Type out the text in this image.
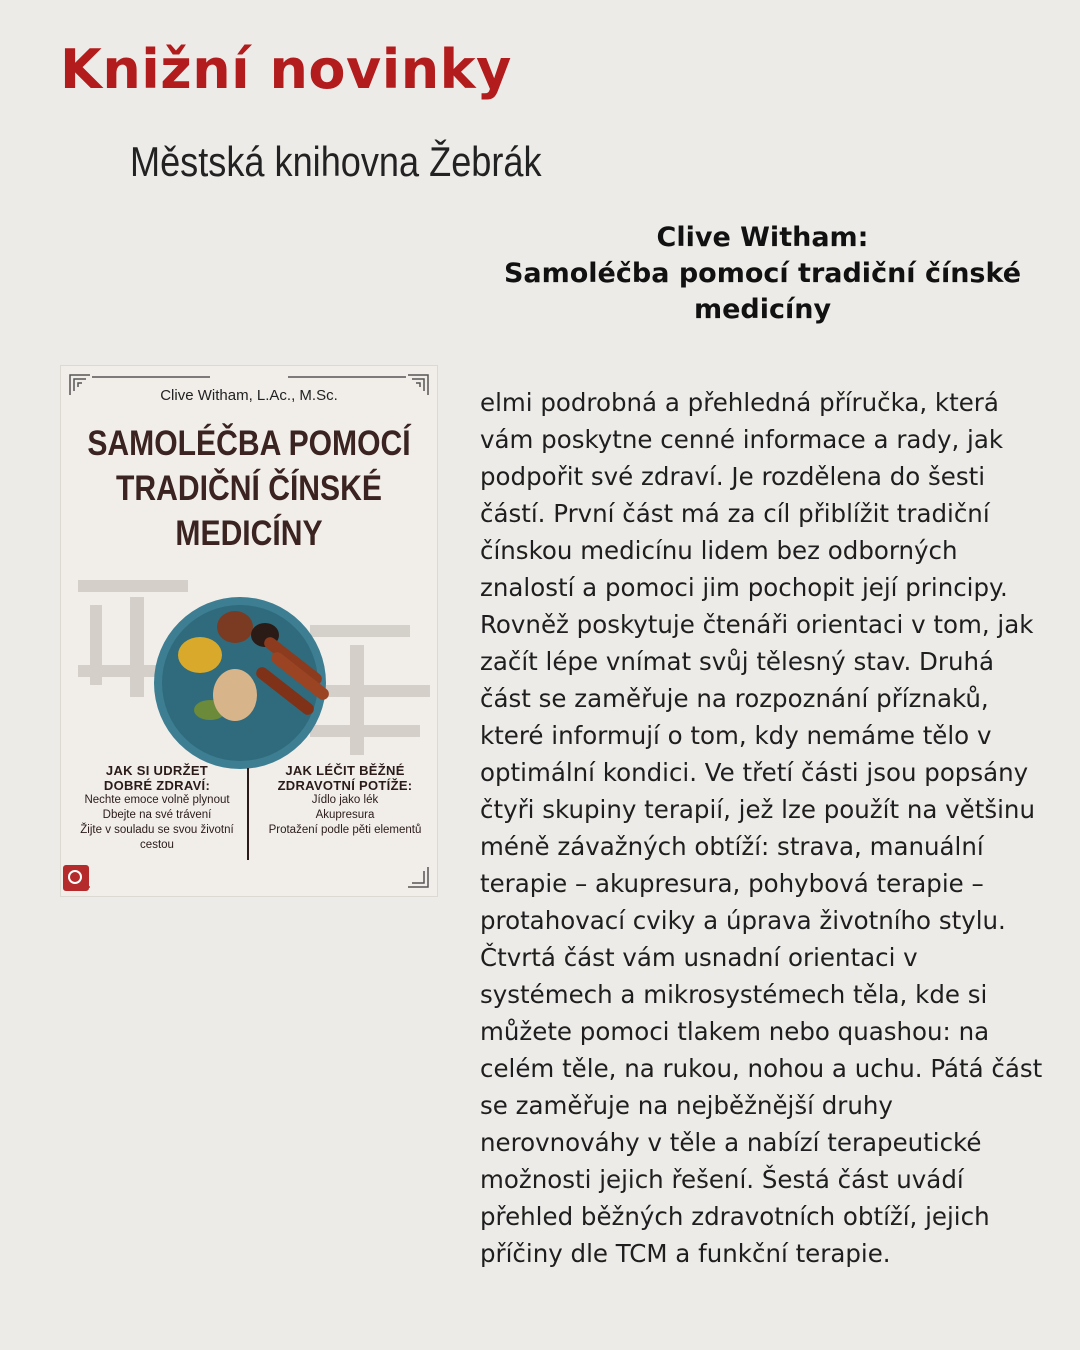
Knižní novinky
Městská knihovna Žebrák
Clive Witham:
Samoléčba pomocí tradiční čínské
medicíny
Clive Witham, L.Ac., M.Sc.
SAMOLÉČBA POMOCÍ
TRADIČNÍ ČÍNSKÉ
MEDICÍNY
JAK SI UDRŽET
DOBRÉ ZDRAVÍ:
Nechte emoce volně plynout
Dbejte na své trávení
Žijte v souladu se svou životní
cestou
JAK LÉČIT BĚŽNÉ
ZDRAVOTNÍ POTÍŽE:
Jídlo jako lék
Akupresura
Protažení podle pěti elementů

elmi podrobná a přehledná příručka, která vám poskytne cenné informace a rady, jak podpořit své zdraví. Je rozdělena do šesti částí. První část má za cíl přiblížit tradiční čínskou medicínu lidem bez odborných znalostí a pomoci jim pochopit její principy. Rovněž poskytuje čtenáři orientaci v tom, jak začít lépe vnímat svůj tělesný stav. Druhá část se zaměřuje na rozpoznání příznaků, které informují o tom, kdy nemáme tělo v optimální kondici. Ve třetí části jsou popsány čtyři skupiny terapií, jež lze použít na většinu méně závažných obtíží: strava, manuální terapie – akupresura, pohybová terapie – protahovací cviky a úprava životního stylu. Čtvrtá část vám usnadní orientaci v systémech a mikrosystémech těla, kde si můžete pomoci tlakem nebo quashou: na celém těle, na rukou, nohou a uchu. Pátá část se zaměřuje na nejběžnější druhy nerovnováhy v těle a nabízí terapeutické možnosti jejich řešení. Šestá část uvádí přehled běžných zdravotních obtíží, jejich příčiny dle TCM a funkční terapie.
